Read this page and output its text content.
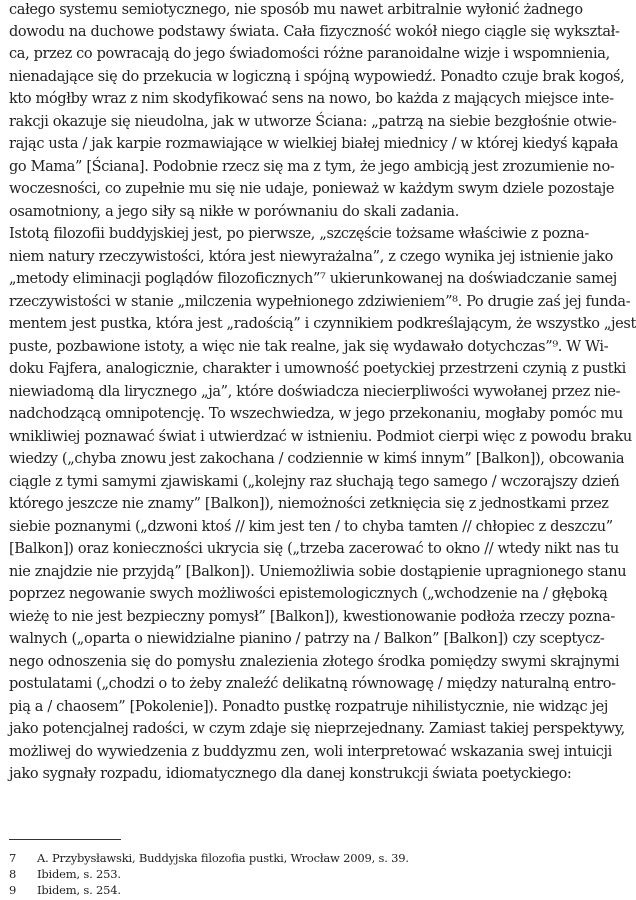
całego systemu semiotycznego, nie sposób mu nawet arbitralnie wyłonić żadnego
dowodu na duchowe podstawy świata. Cała fizyczność wokół niego ciągle się wykształ-
ca, przez co powracają do jego świadomości różne paranoidalne wizje i wspomnienia,
nienadające się do przekucia w logiczną i spójną wypowiedź. Ponadto czuje brak kogoś,
kto mógłby wraz z nim skodyfikować sens na nowo, bo każda z mających miejsce inte-
rakcji okazuje się nieudolna, jak w utworze Ściana: „patrzą na siebie bezgłośnie otwie-
rając usta / jak karpie rozmawiające w wielkiej białej miednicy / w której kiedyś kąpała
go Mama” [Ściana]. Podobnie rzecz się ma z tym, że jego ambicją jest zrozumienie no-
woczesności, co zupełnie mu się nie udaje, ponieważ w każdym swym dziele pozostaje
osamotniony, a jego siły są nikłe w porównaniu do skali zadania.
Istotą filozofii buddyjskiej jest, po pierwsze, „szczęście tożsame właściwie z pozna-
niem natury rzeczywistości, która jest niewyrażalna”, z czego wynika jej istnienie jako
„metody eliminacji poglądów filozoficznych”⁷ ukierunkowanej na doświadczanie samej
rzeczywistości w stanie „milczenia wypełnionego zdziwieniem”⁸. Po drugie zaś jej funda-
mentem jest pustka, która jest „radością” i czynnikiem podkreślającym, że wszystko „jest
puste, pozbawione istoty, a więc nie tak realne, jak się wydawało dotychczas”⁹. W Wi-
doku Fajfera, analogicznie, charakter i umowność poetyckiej przestrzeni czynią z pustki
niewiadomą dla lirycznego „ja”, które doświadcza niecierpliwości wywołanej przez nie-
nadchodzącą omnipotencję. To wszechwiedza, w jego przekonaniu, mogłaby pomóc mu
wnikliwiej poznawać świat i utwierdzać w istnieniu. Podmiot cierpi więc z powodu braku
wiedzy („chyba znowu jest zakochana / codziennie w kimś innym” [Balkon]), obcowania
ciągle z tymi samymi zjawiskami („kolejny raz słuchają tego samego / wczorajszy dzień
którego jeszcze nie znamy” [Balkon]), niemożności zetknięcia się z jednostkami przez
siebie poznanymi („dzwoni ktoś // kim jest ten / to chyba tamten // chłopiec z deszczu”
[Balkon]) oraz konieczności ukrycia się („trzeba zacerować to okno // wtedy nikt nas tu
nie znajdzie nie przyjdą” [Balkon]). Uniemożliwia sobie dostąpienie upragnionego stanu
poprzez negowanie swych możliwości epistemologicznych („wchodzenie na / głęboką
wieżę to nie jest bezpieczny pomysł” [Balkon]), kwestionowanie podłoża rzeczy pozna-
walnych („oparta o niewidzialne pianino / patrzy na / Balkon” [Balkon]) czy sceptycz-
nego odnoszenia się do pomysłu znalezienia złotego środka pomiędzy swymi skrajnymi
postulatami („chodzi o to żeby znaleźć delikatną równowagę / między naturalną entro-
pią a / chaosem” [Pokolenie]). Ponadto pustkę rozpatruje nihilistycznie, nie widząc jej
jako potencjalnej radości, w czym zdaje się nieprzejednany. Zamiast takiej perspektywy,
możliwej do wywiedzenia z buddyzmu zen, woli interpretować wskazania swej intuicji
jako sygnały rozpadu, idiomatycznego dla danej konstrukcji świata poetyckiego:
7 A. Przybysławski, Buddyjska filozofia pustki, Wrocław 2009, s. 39.
8 Ibidem, s. 253.
9 Ibidem, s. 254.
